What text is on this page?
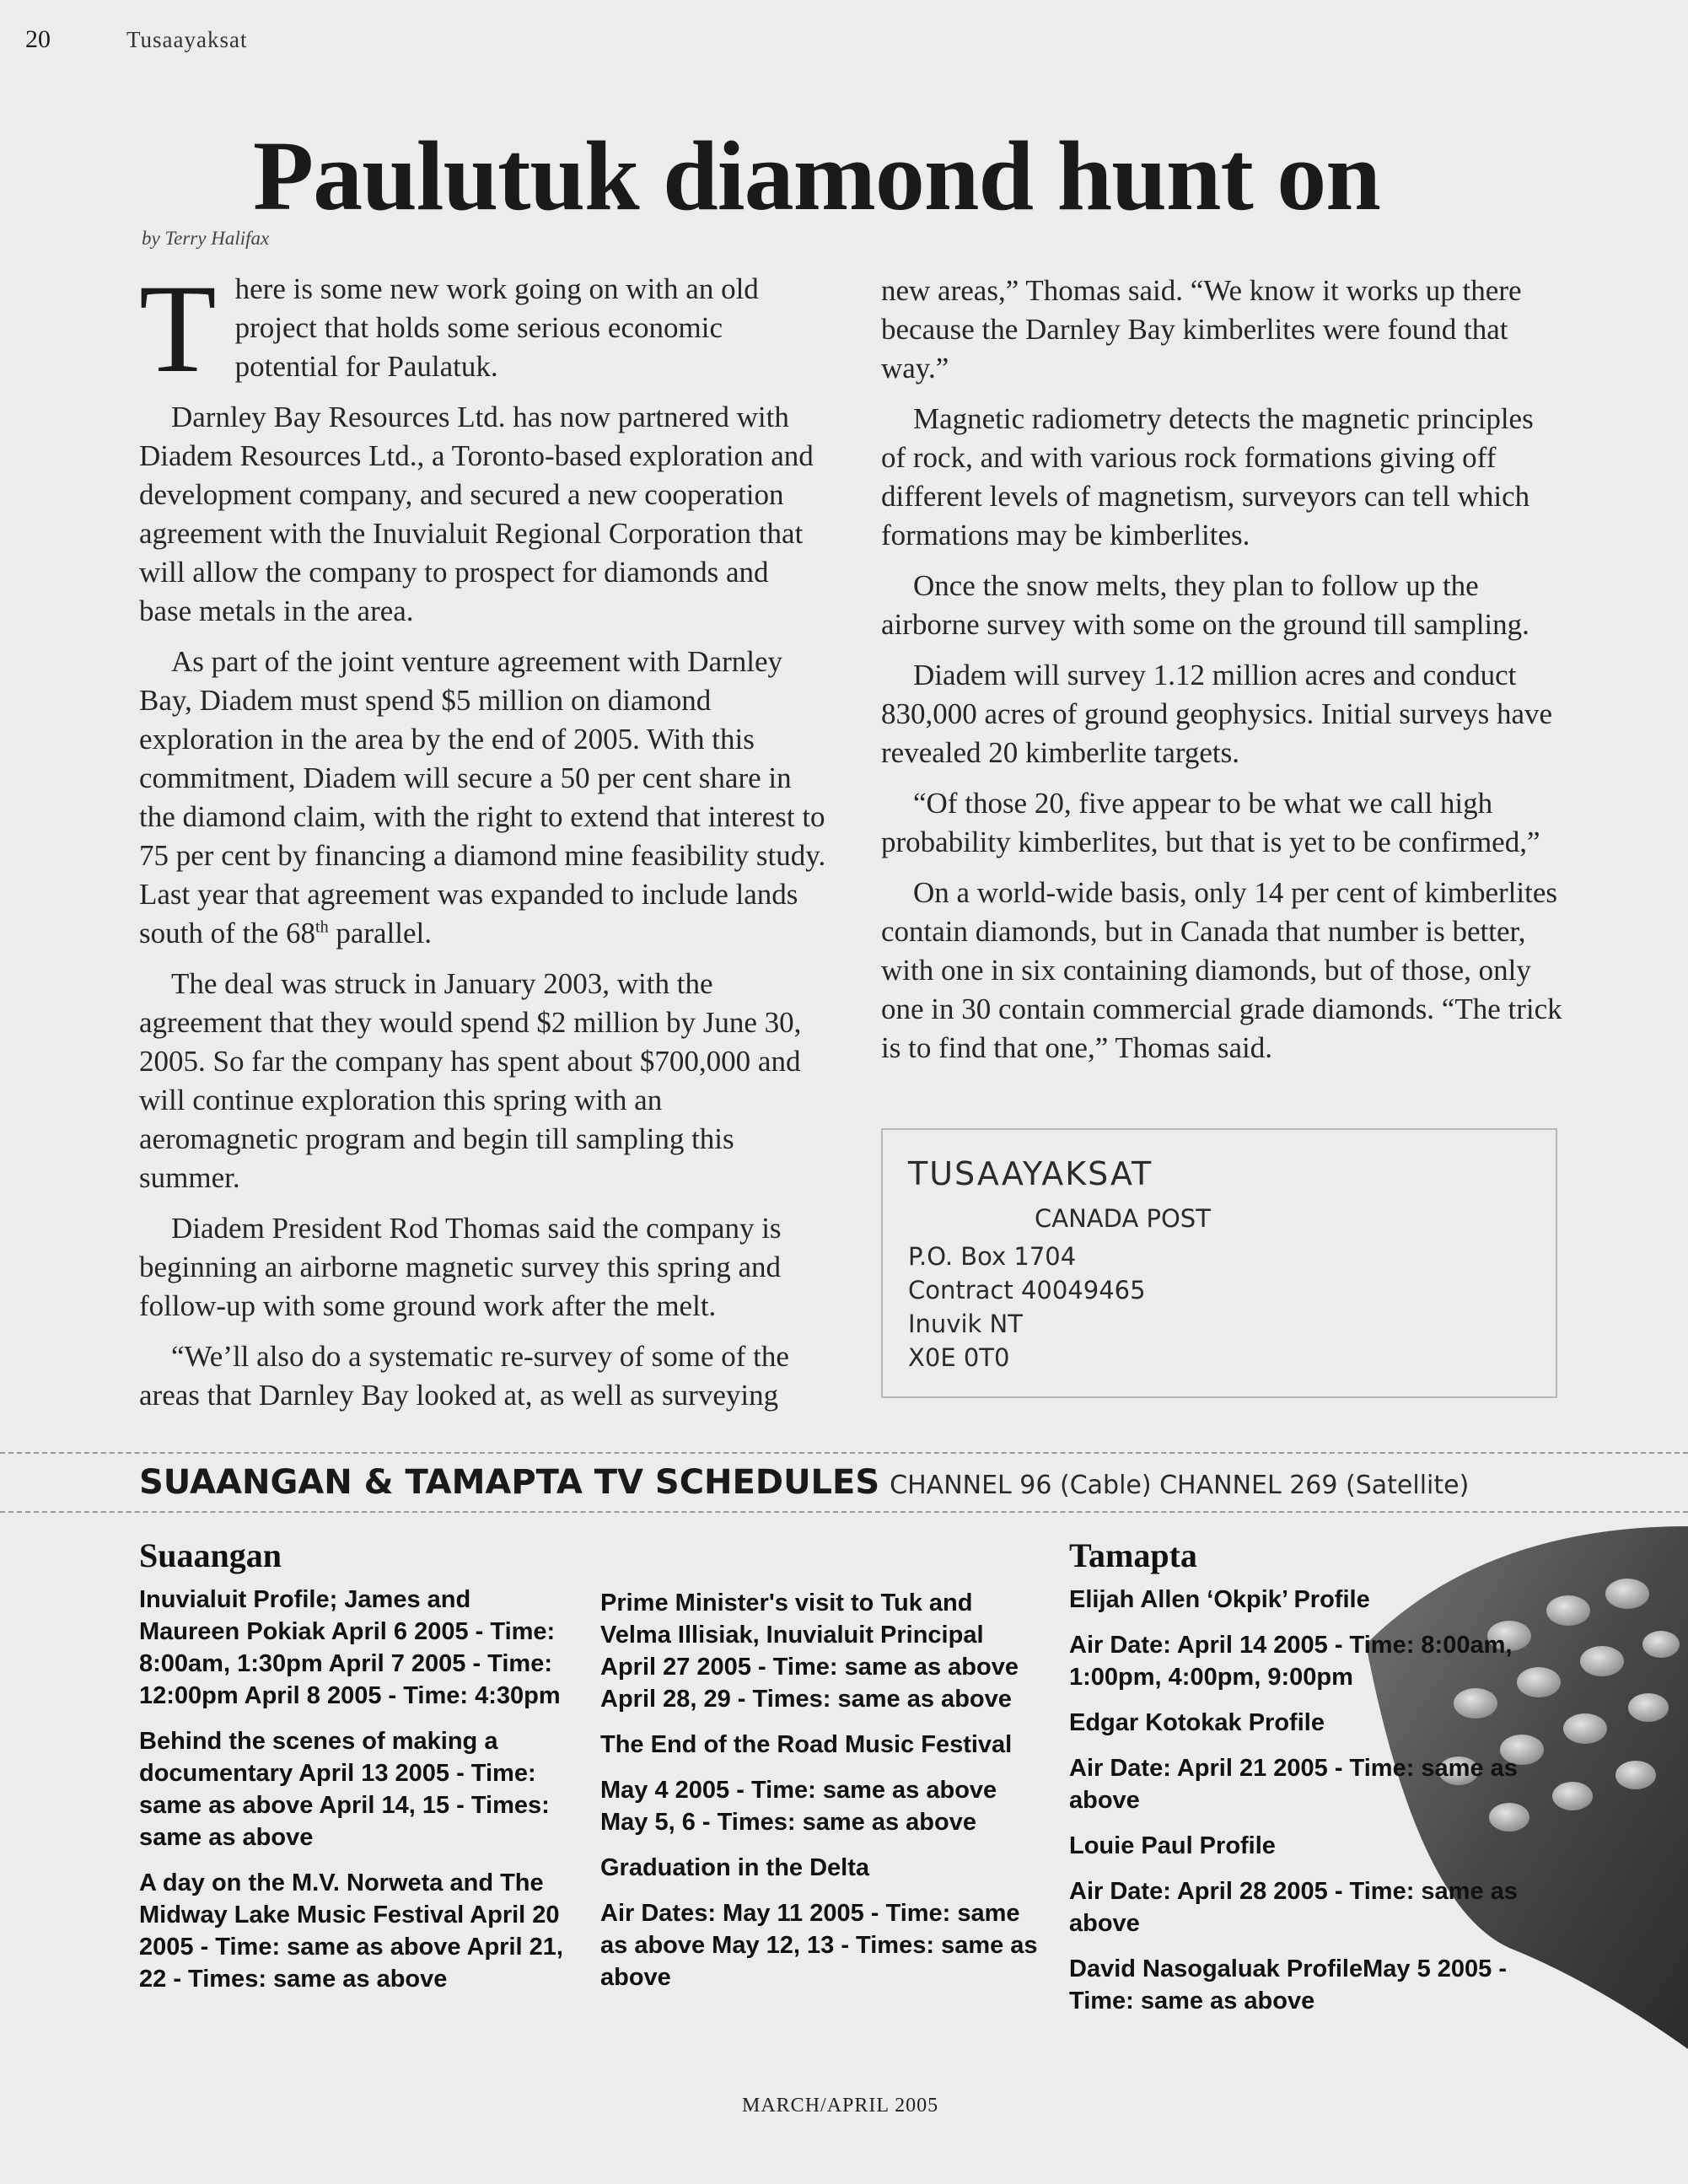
20	Tusaayaksat
Paulutuk diamond hunt on
by Terry Halifax

There is some new work going on with an old project that holds some serious economic potential for Paulatuk.

Darnley Bay Resources Ltd. has now partnered with Diadem Resources Ltd., a Toronto-based exploration and development company, and secured a new cooperation agreement with the Inuvialuit Regional Corporation that will allow the company to prospect for diamonds and base metals in the area.

As part of the joint venture agreement with Darnley Bay, Diadem must spend $5 million on diamond exploration in the area by the end of 2005. With this commitment, Diadem will secure a 50 per cent share in the diamond claim, with the right to extend that interest to 75 per cent by financing a diamond mine feasibility study. Last year that agreement was expanded to include lands south of the 68th parallel.

The deal was struck in January 2003, with the agreement that they would spend $2 million by June 30, 2005. So far the company has spent about $700,000 and will continue exploration this spring with an aeromagnetic program and begin till sampling this summer.

Diadem President Rod Thomas said the company is beginning an airborne magnetic survey this spring and follow-up with some ground work after the melt.

“We’ll also do a systematic re-survey of some of the areas that Darnley Bay looked at, as well as surveying

new areas,” Thomas said. “We know it works up there because the Darnley Bay kimberlites were found that way.”

Magnetic radiometry detects the magnetic principles of rock, and with various rock formations giving off different levels of magnetism, surveyors can tell which formations may be kimberlites.

Once the snow melts, they plan to follow up the airborne survey with some on the ground till sampling.

Diadem will survey 1.12 million acres and conduct 830,000 acres of ground geophysics. Initial surveys have revealed 20 kimberlite targets.

“Of those 20, five appear to be what we call high probability kimberlites, but that is yet to be confirmed,”

On a world-wide basis, only 14 per cent of kimberlites contain diamonds, but in Canada that number is better, with one in six containing diamonds, but of those, only one in 30 contain commercial grade diamonds. “The trick is to find that one,” Thomas said.

TUSAAYAKSAT
CANADA POST
P.O. Box 1704
Contract 40049465
Inuvik NT
X0E 0T0
SUAANGAN & TAMAPTA TV SCHEDULES CHANNEL 96 (Cable) CHANNEL 269 (Satellite)
Suaangan

Inuvialuit Profile; James and Maureen Pokiak April 6 2005 - Time: 8:00am, 1:30pm April 7 2005 - Time: 12:00pm April 8 2005 - Time: 4:30pm

Behind the scenes of making a documentary April 13 2005 - Time: same as above April 14, 15 - Times: same as above

A day on the M.V. Norweta and The Midway Lake Music Festival April 20 2005 - Time: same as above April 21, 22 - Times: same as above

Prime Minister's visit to Tuk and Velma Illisiak, Inuvialuit Principal April 27 2005 - Time: same as above April 28, 29 - Times: same as above

The End of the Road Music Festival

May 4 2005 - Time: same as above May 5, 6 - Times: same as above

Graduation in the Delta

Air Dates: May 11 2005 - Time: same as above May 12, 13 - Times: same as above

Tamapta

Elijah Allen ‘Okpik’ Profile

Air Date: April 14 2005 - Time: 8:00am, 1:00pm, 4:00pm, 9:00pm

Edgar Kotokak Profile

Air Date: April 21 2005 - Time: same as above

Louie Paul Profile

Air Date: April 28 2005 - Time: same as above

David Nasogaluak ProfileMay 5 2005 - Time: same as above

MARCH/APRIL 2005
